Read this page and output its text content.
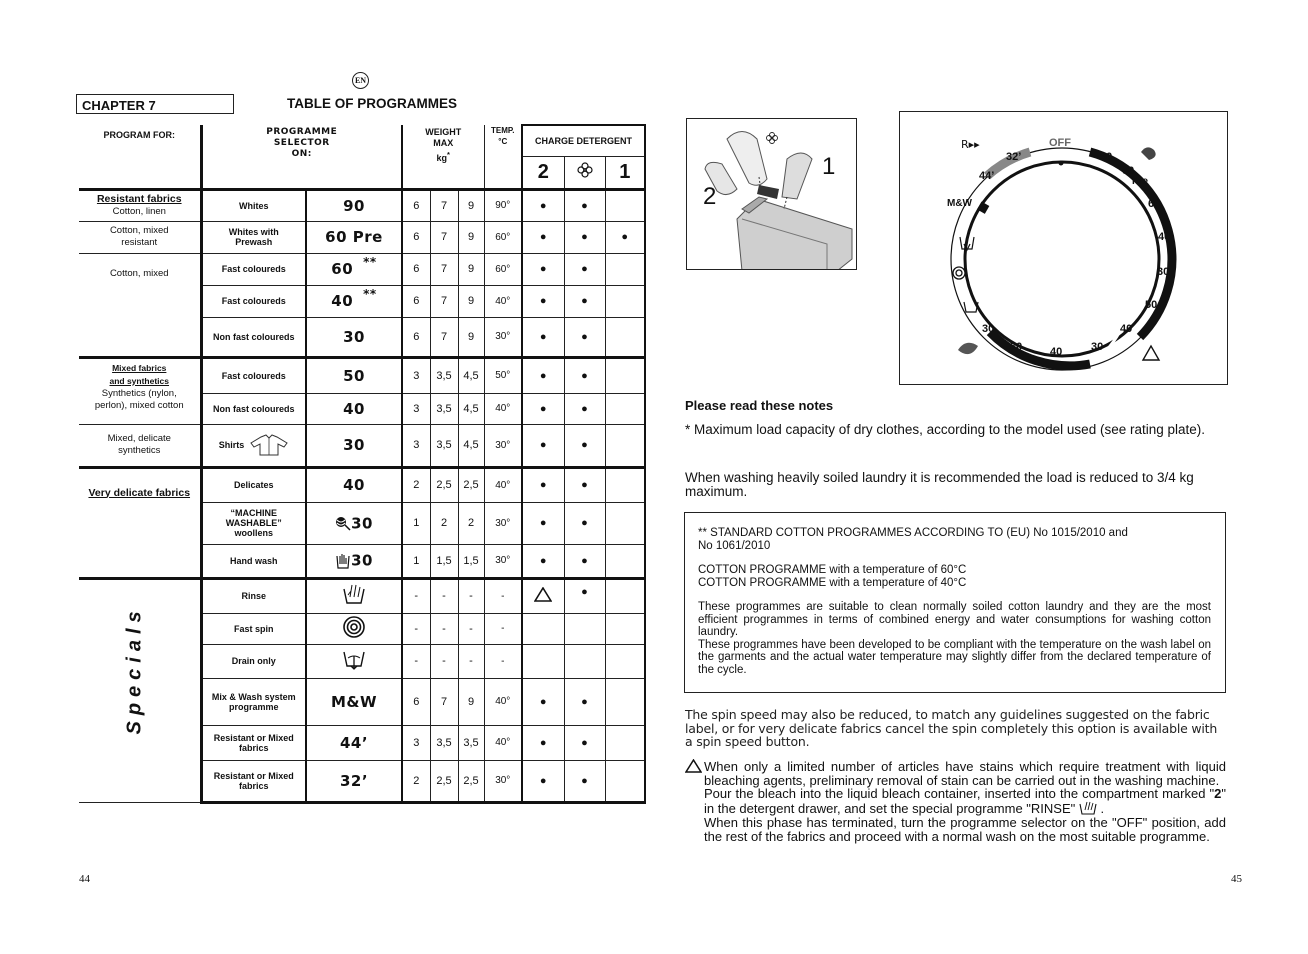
EN
CHAPTER 7	TABLE OF PROGRAMMES
PROGRAM FOR:	PROGRAMME
SELECTOR
ON:		WEIGHT
MAX
kg*			TEMP.
°C	CHARGE DETERGENT		
							2		1
Resistant fabrics
Cotton, linen	Whites	90	6	7	9	90°	●	●	
Cotton, mixed
resistant	Whites with
Prewash	60 Pre	6	7	9	60°	●	●	●
Cotton, mixed	Fast coloureds	60 **	6	7	9	60°	●	●	
	Fast coloureds	40 **	6	7	9	40°	●	●	
	Non fast coloureds	30	6	7	9	30°	●	●	
Mixed fabrics
and synthetics
Synthetics (nylon,
perlon), mixed cotton	Fast coloureds	50	3	3,5	4,5	50°	●	●	
	Non fast coloureds	40	3	3,5	4,5	40°	●	●	
Mixed, delicate
synthetics	Shirts	30	3	3,5	4,5	30°	●	●	
Very delicate fabrics	Delicates	40	2	2,5	2,5	40°	●	●	
	“MACHINE
WASHABLE”
woollens	30	1	2	2	30°	●	●	
	Hand wash	30	1	1,5	1,5	30°	●	●	
	Rinse		-	-	-	-		●	
	Fast spin		-	-	-	-			
	Drain only		-	-	-	-			
	Mix & Wash system
programme	M&W	6	7	9	40°	●	●	
	Resistant or Mixed
fabrics	44’	3	3,5	3,5	40°	●	●	
	Resistant or Mixed
fabrics	32’	2	2,5	2,5	30°	●	●	
Specials
44
1
2
R▸▸	OFF
32’
44’
M&W
90
60
Pre
60
40
30
50
40
30
40
30
30
Please read these notes
* Maximum load capacity of dry clothes, according to the model used (see rating plate).
When washing heavily soiled laundry it is recommended the load is reduced to 3/4 kg maximum.

** STANDARD COTTON PROGRAMMES ACCORDING TO (EU) No 1015/2010 and
No 1061/2010

COTTON PROGRAMME with a temperature of 60°C
COTTON PROGRAMME with a temperature of 40°C

These programmes are suitable to clean normally soiled cotton laundry and they are the most efficient programmes in terms of combined energy and water consumptions for washing cotton laundry.

These programmes have been developed to be compliant with the temperature on the wash label on the garments and the actual water temperature may slightly differ from the declared temperature of the cycle.

The spin speed may also be reduced, to match any guidelines suggested on the fabric label, or for very delicate fabrics cancel the spin completely this option is available with a spin speed button.
When only a limited number of articles have stains which require treatment with liquid bleaching agents, preliminary removal of stain can be carried out in the washing machine.
Pour the bleach into the liquid bleach container, inserted into the compartment marked "2" in the detergent drawer, and set the special programme "RINSE" .
When this phase has terminated, turn the programme selector on the "OFF" position, add the rest of the fabrics and proceed with a normal wash on the most suitable programme.
45
